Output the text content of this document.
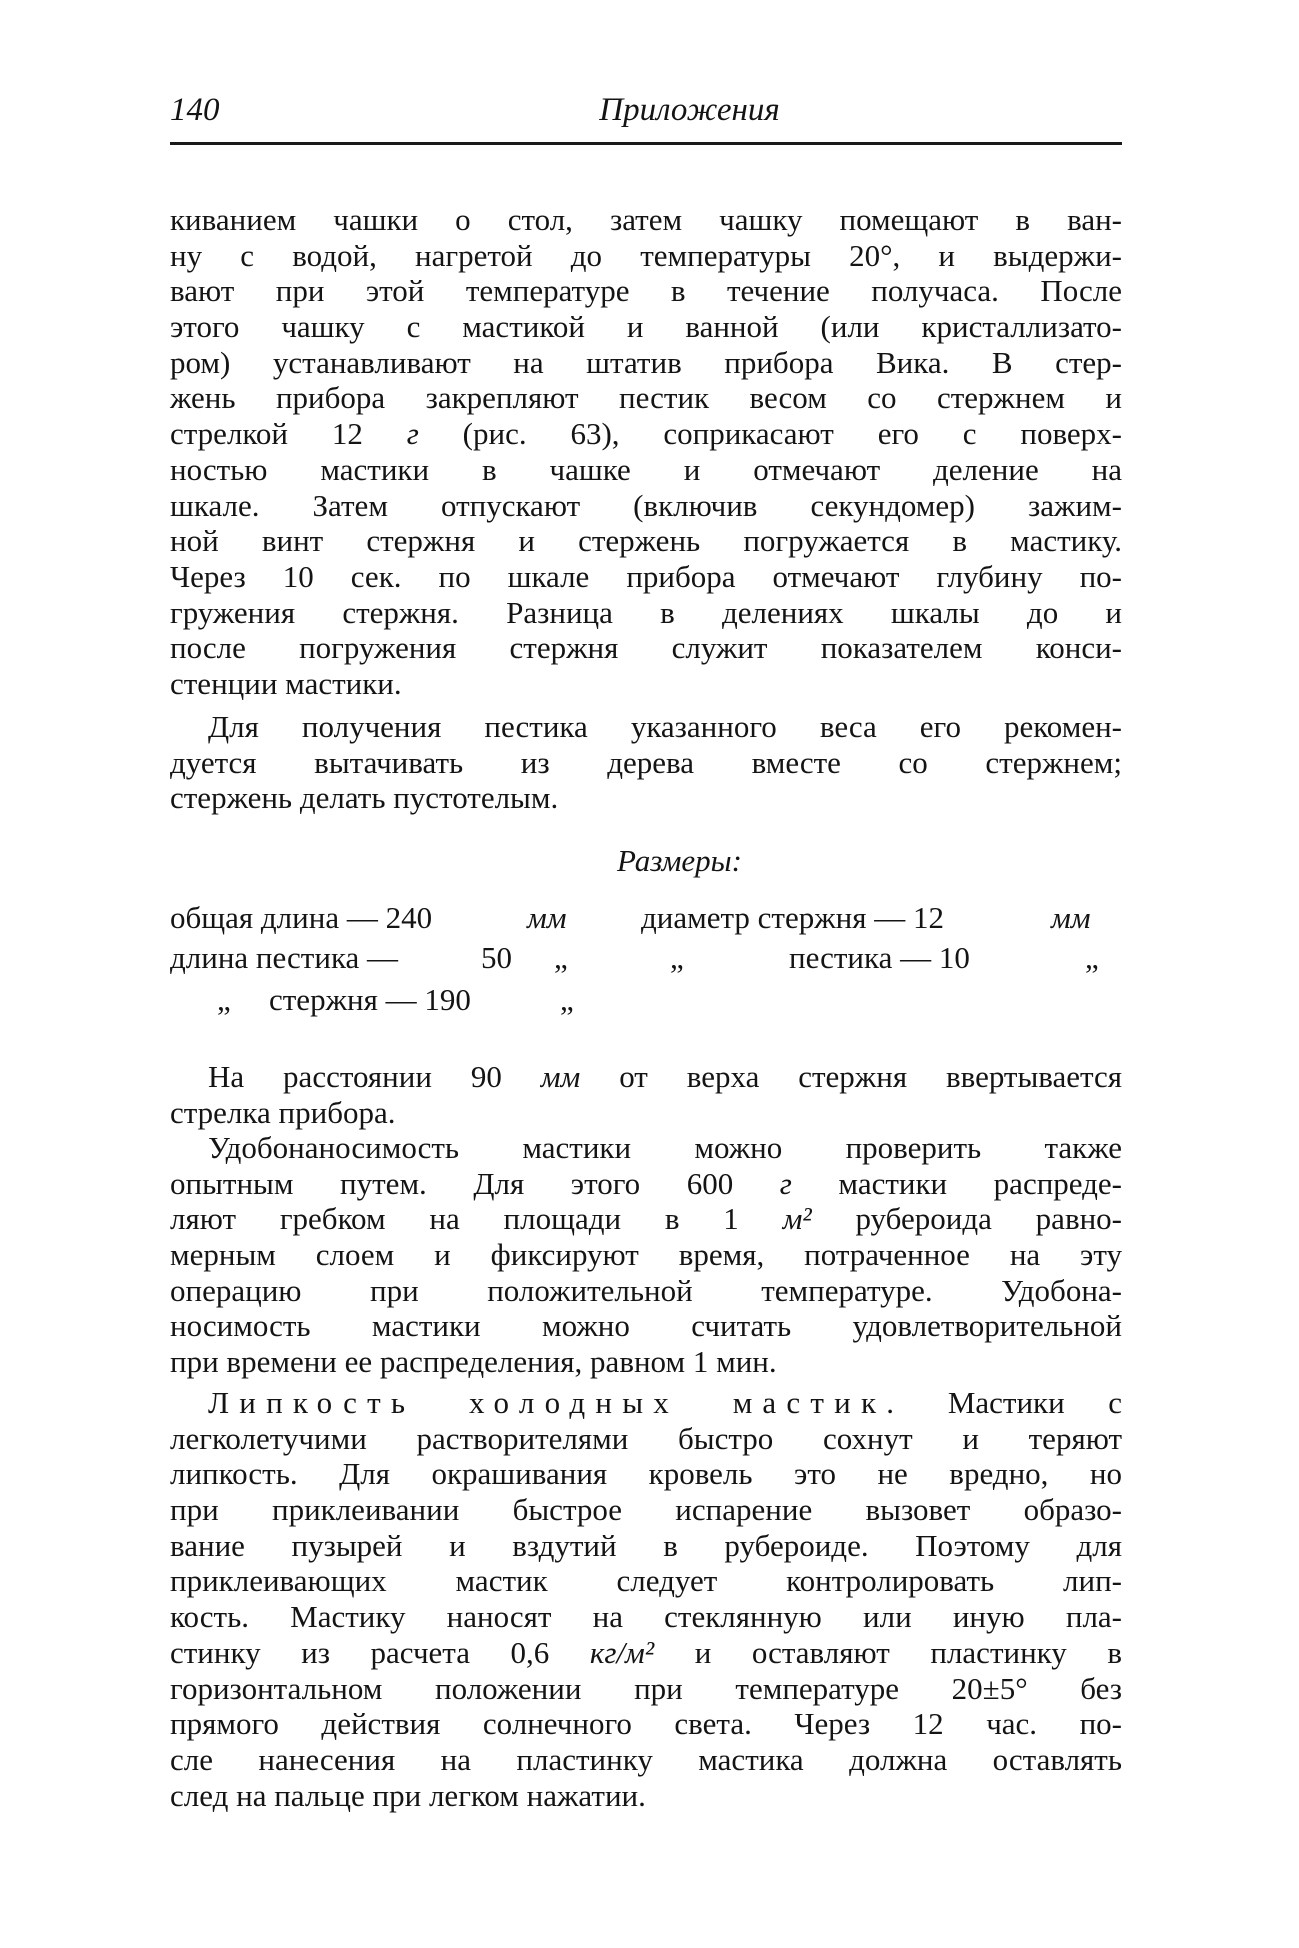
140	Приложения
киванием чашки о стол, затем чашку помещают в ван-
ну с водой, нагретой до температуры 20°, и выдержи-
вают при этой температуре в течение получаса. После
этого чашку с мастикой и ванной (или кристаллизато-
ром) устанавливают на штатив прибора Вика. В стер-
жень прибора закрепляют пестик весом со стержнем и
стрелкой 12 г (рис. 63), соприкасают его с поверх-
ностью мастики в чашке и отмечают деление на
шкале. Затем отпускают (включив секундомер) зажим-
ной винт стержня и стержень погружается в мастику.
Через 10 сек. по шкале прибора отмечают глубину по-
гружения стержня. Разница в делениях шкалы до и
после погружения стержня служит показателем конси-
стенции мастики.
Для получения пестика указанного веса его рекомен-
дуется вытачивать из дерева вместе со стержнем;
стержень делать пустотелым.
Размеры:
общая длина — 240	мм диаметр стержня — 12	мм
длина пестика —	50 „	„	пестика — 10	„
„ стержня — 190	„
На расстоянии 90 мм от верха стержня ввертывается
стрелка прибора.
Удобонаносимость мастики можно проверить также
опытным путем. Для этого 600 г мастики распреде-
ляют гребком на площади в 1 м² рубероида равно-
мерным слоем и фиксируют время, потраченное на эту
операцию при положительной температуре. Удобона-
носимость мастики можно считать удовлетворительной
при времени ее распределения, равном 1 мин.
Липкость холодных мастик. Мастики с
легколетучими растворителями быстро сохнут и теряют
липкость. Для окрашивания кровель это не вредно, но
при приклеивании быстрое испарение вызовет образо-
вание пузырей и вздутий в рубероиде. Поэтому для
приклеивающих мастик следует контролировать лип-
кость. Мастику наносят на стеклянную или иную пла-
стинку из расчета 0,6 кг/м² и оставляют пластинку в
горизонтальном положении при температуре 20±5° без
прямого действия солнечного света. Через 12 час. по-
сле нанесения на пластинку мастика должна оставлять
след на пальце при легком нажатии.
